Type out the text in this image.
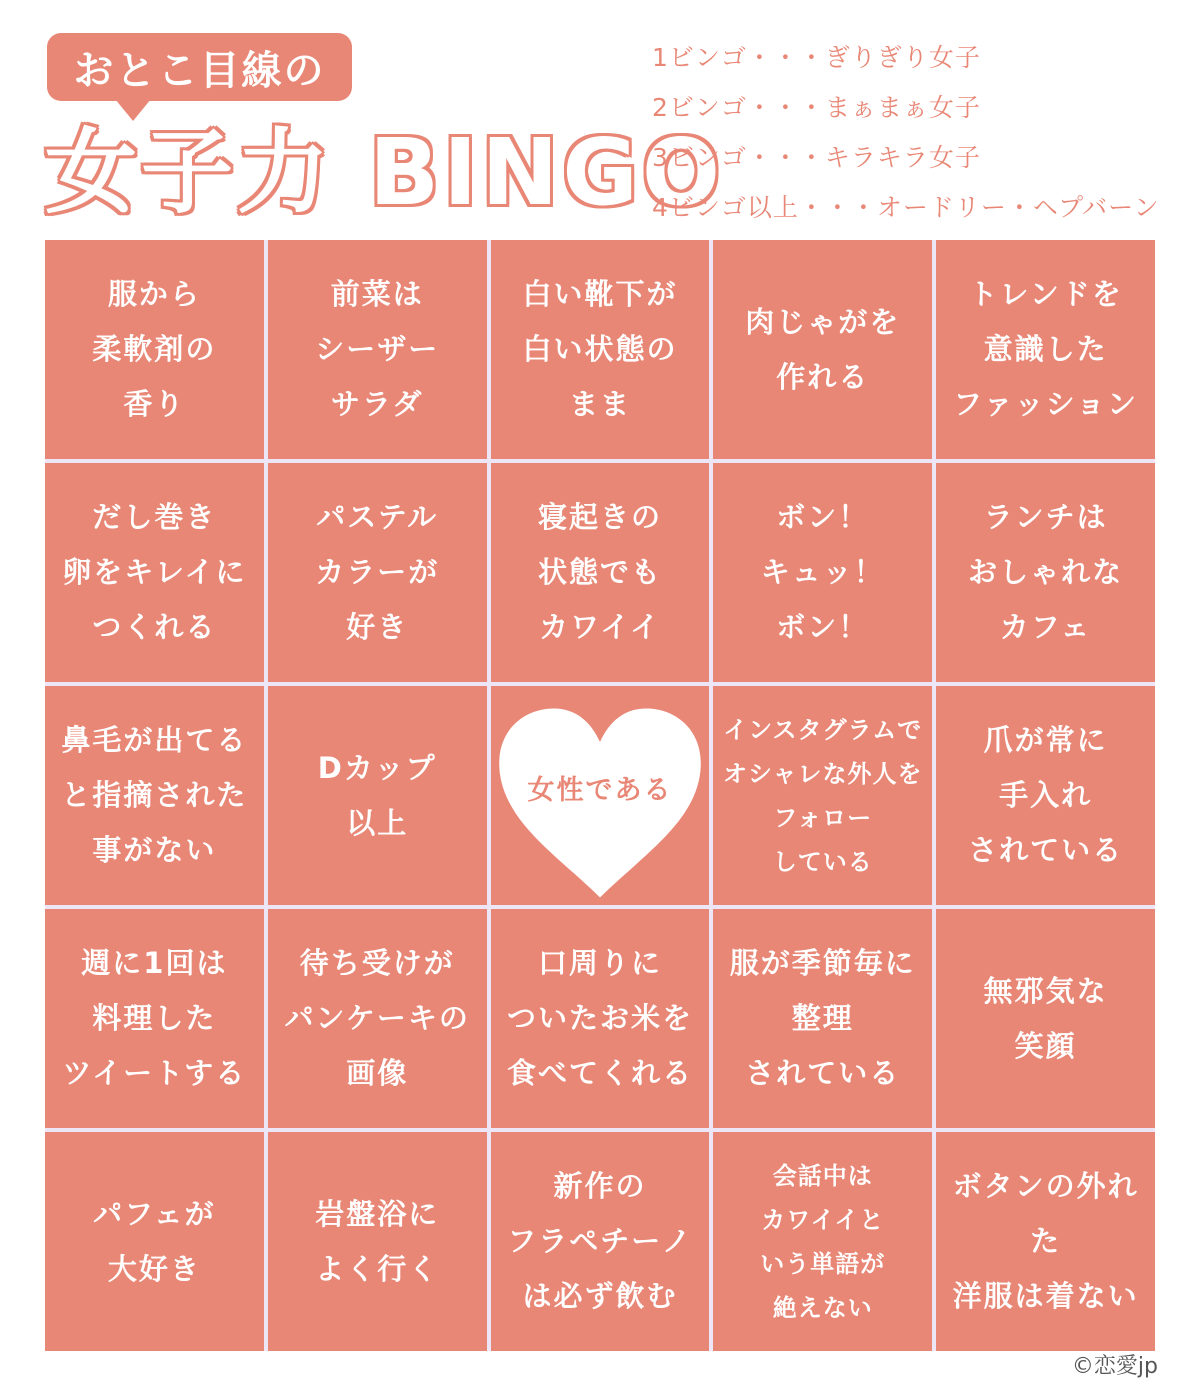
おとこ目線の
女子力 BINGO
1ビンゴ・・・ぎりぎり女子
2ビンゴ・・・まぁまぁ女子
3ビンゴ・・・キラキラ女子
4ビンゴ以上・・・オードリー・ヘプバーン
服から
柔軟剤の
香り
前菜は
シーザー
サラダ
白い靴下が
白い状態の
まま
肉じゃがを
作れる
トレンドを
意識した
ファッション
だし巻き
卵をキレイに
つくれる
パステル
カラーが
好き
寝起きの
状態でも
カワイイ
ボン！
キュッ！
ボン！
ランチは
おしゃれな
カフェ
鼻毛が出てる
と指摘された
事がない
Dカップ
以上
女性である
インスタグラムで
オシャレな外人を
フォロー
している
爪が常に
手入れ
されている
週に1回は
料理した
ツイートする
待ち受けが
パンケーキの
画像
口周りに
ついたお米を
食べてくれる
服が季節毎に
整理
されている
無邪気な
笑顔
パフェが
大好き
岩盤浴に
よく行く
新作の
フラペチーノ
は必ず飲む
会話中は
カワイイと
いう単語が
絶えない
ボタンの外れた
洋服は着ない
©恋愛jp
